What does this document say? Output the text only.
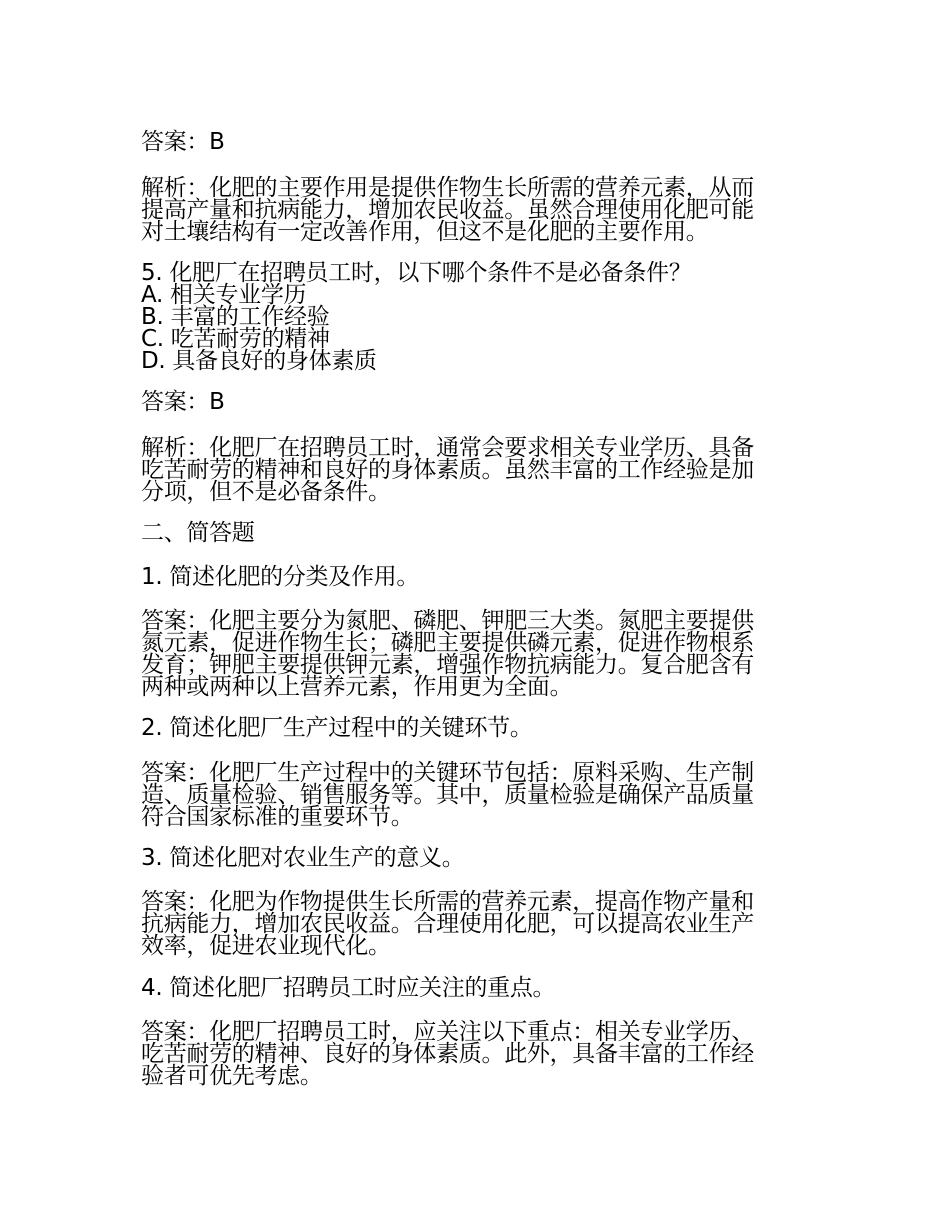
答案：B

解析：化肥的主要作用是提供作物生长所需的营养元素，从而
提高产量和抗病能力，增加农民收益。虽然合理使用化肥可能
对土壤结构有一定改善作用，但这不是化肥的主要作用。

5. 化肥厂在招聘员工时，以下哪个条件不是必备条件？
A. 相关专业学历
B. 丰富的工作经验
C. 吃苦耐劳的精神
D. 具备良好的身体素质

答案：B

解析：化肥厂在招聘员工时，通常会要求相关专业学历、具备
吃苦耐劳的精神和良好的身体素质。虽然丰富的工作经验是加
分项，但不是必备条件。

二、简答题

1. 简述化肥的分类及作用。

答案：化肥主要分为氮肥、磷肥、钾肥三大类。氮肥主要提供
氮元素，促进作物生长；磷肥主要提供磷元素，促进作物根系
发育；钾肥主要提供钾元素，增强作物抗病能力。复合肥含有
两种或两种以上营养元素，作用更为全面。

2. 简述化肥厂生产过程中的关键环节。

答案：化肥厂生产过程中的关键环节包括：原料采购、生产制
造、质量检验、销售服务等。其中，质量检验是确保产品质量
符合国家标准的重要环节。

3. 简述化肥对农业生产的意义。

答案：化肥为作物提供生长所需的营养元素，提高作物产量和
抗病能力，增加农民收益。合理使用化肥，可以提高农业生产
效率，促进农业现代化。

4. 简述化肥厂招聘员工时应关注的重点。

答案：化肥厂招聘员工时，应关注以下重点：相关专业学历、
吃苦耐劳的精神、良好的身体素质。此外，具备丰富的工作经
验者可优先考虑。
